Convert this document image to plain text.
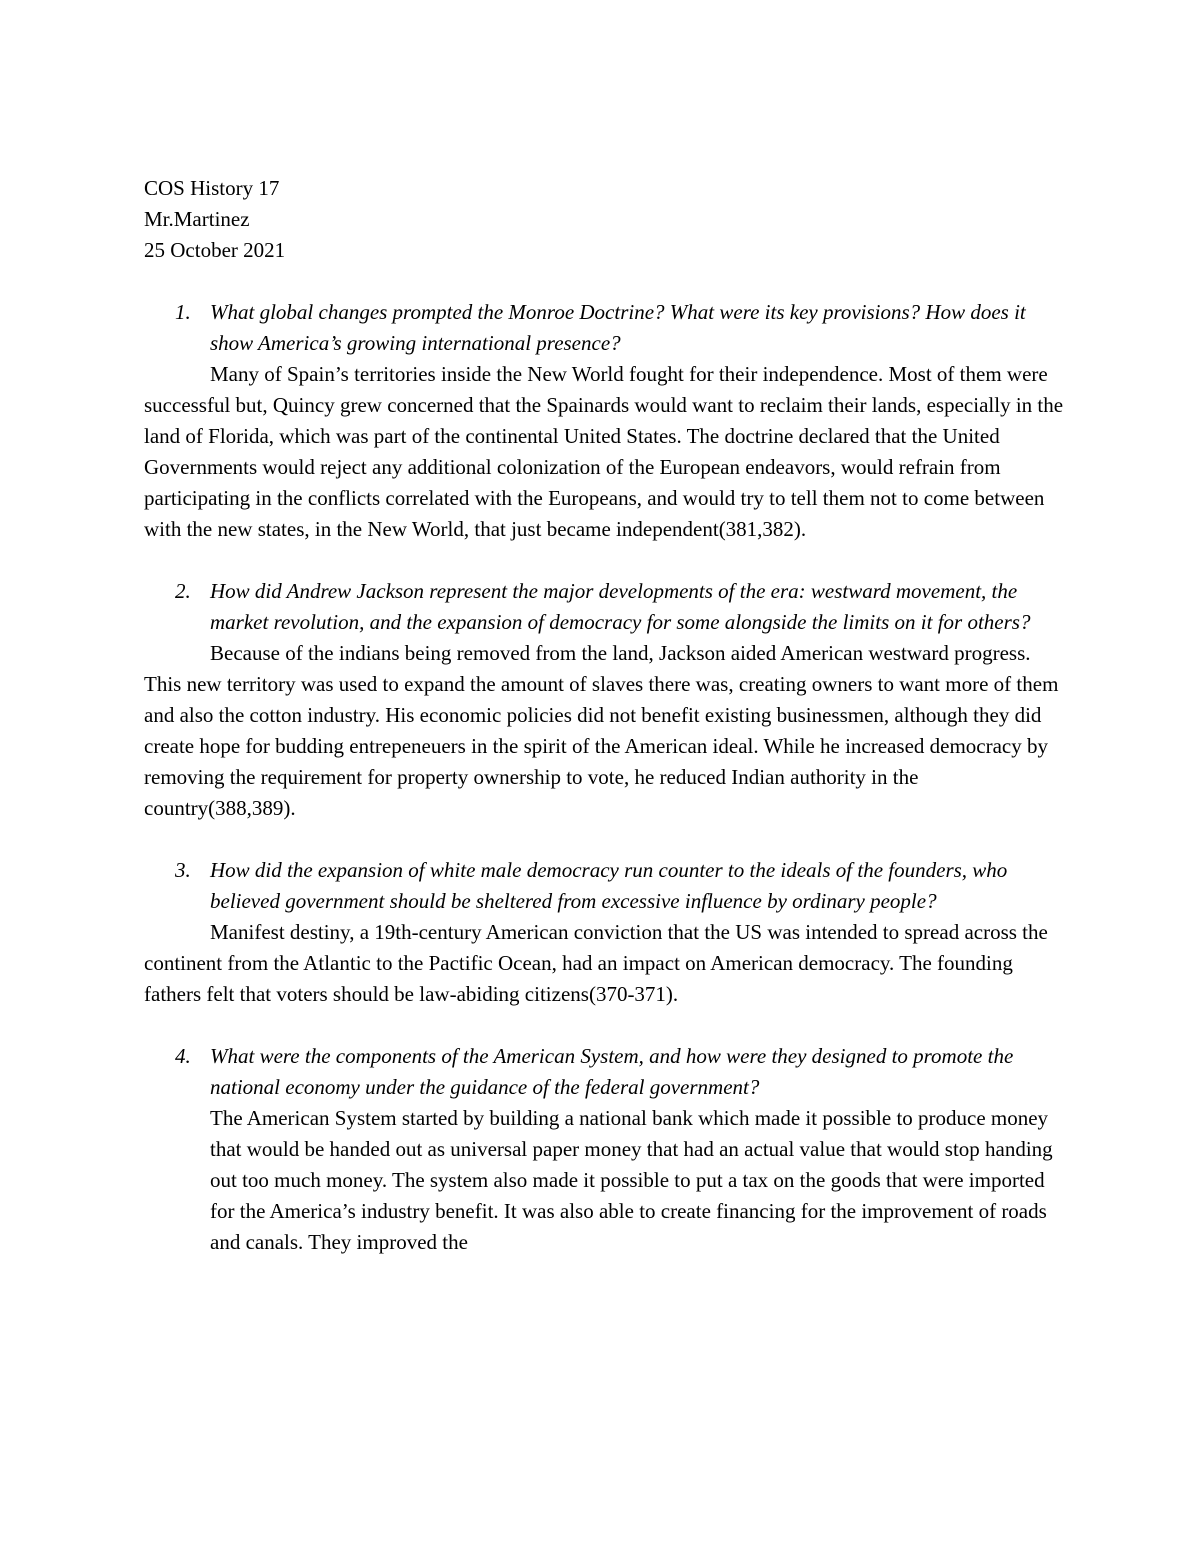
COS History 17
Mr.Martinez
25 October 2021
1. What global changes prompted the Monroe Doctrine? What were its key provisions? How does it show America’s growing international presence?

Many of Spain’s territories inside the New World fought for their independence. Most of them were successful but, Quincy grew concerned that the Spainards would want to reclaim their lands, especially in the land of Florida, which was part of the continental United States. The doctrine declared that the United Governments would reject any additional colonization of the European endeavors, would refrain from participating in the conflicts correlated with the Europeans, and would try to tell them not to come between with the new states, in the New World, that just became independent(381,382).

2. How did Andrew Jackson represent the major developments of the era: westward movement, the market revolution, and the expansion of democracy for some alongside the limits on it for others?

Because of the indians being removed from the land, Jackson aided American westward progress. This new territory was used to expand the amount of slaves there was, creating owners to want more of them and also the cotton industry. His economic policies did not benefit existing businessmen, although they did create hope for budding entrepeneuers in the spirit of the American ideal. While he increased democracy by removing the requirement for property ownership to vote, he reduced Indian authority in the country(388,389).

3. How did the expansion of white male democracy run counter to the ideals of the founders, who believed government should be sheltered from excessive influence by ordinary people?

Manifest destiny, a 19th-century American conviction that the US was intended to spread across the continent from the Atlantic to the Pactific Ocean, had an impact on American democracy. The founding fathers felt that voters should be law-abiding citizens(370-371).

4. What were the components of the American System, and how were they designed to promote the national economy under the guidance of the federal government?

The American System started by building a national bank which made it possible to produce money that would be handed out as universal paper money that had an actual value that would stop handing out too much money. The system also made it possible to put a tax on the goods that were imported for the America’s industry benefit. It was also able to create financing for the improvement of roads and canals. They improved the
